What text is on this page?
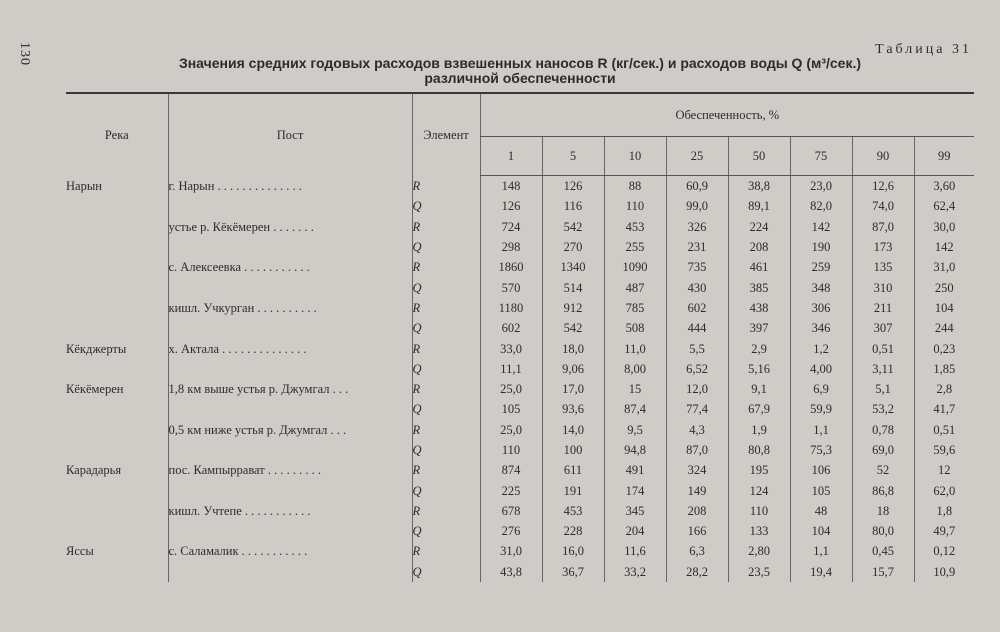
130	Таблица 31
Значения средних годовых расходов взвешенных наносов R (кг/сек.) и расходов воды Q (м³/сек.)
различной обеспеченности
Река	Пост	Элемент	Обеспеченность, %							
			1	5	10	25	50	75	90	99
Нарын	г. Нарын . . . . . . . . . . . . . .	R	148	126	88	60,9	38,8	23,0	12,6	3,60
		Q	126	116	110	99,0	89,1	82,0	74,0	62,4
	устье р. Кёкёмерен . . . . . . .	R	724	542	453	326	224	142	87,0	30,0
		Q	298	270	255	231	208	190	173	142
	с. Алексеевка . . . . . . . . . . .	R	1860	1340	1090	735	461	259	135	31,0
		Q	570	514	487	430	385	348	310	250
	кишл. Учкурган . . . . . . . . . .	R	1180	912	785	602	438	306	211	104
		Q	602	542	508	444	397	346	307	244
Кёкджерты	х. Актала . . . . . . . . . . . . . .	R	33,0	18,0	11,0	5,5	2,9	1,2	0,51	0,23
		Q	11,1	9,06	8,00	6,52	5,16	4,00	3,11	1,85
Кёкёмерен	1,8 км выше устья р. Джумгал . . .	R	25,0	17,0	15	12,0	9,1	6,9	5,1	2,8
		Q	105	93,6	87,4	77,4	67,9	59,9	53,2	41,7
	0,5 км ниже устья р. Джумгал . . .	R	25,0	14,0	9,5	4,3	1,9	1,1	0,78	0,51
		Q	110	100	94,8	87,0	80,8	75,3	69,0	59,6
Карадарья	пос. Кампыррават . . . . . . . . .	R	874	611	491	324	195	106	52	12
		Q	225	191	174	149	124	105	86,8	62,0
	кишл. Учтепе . . . . . . . . . . .	R	678	453	345	208	110	48	18	1,8
		Q	276	228	204	166	133	104	80,0	49,7
Яссы	с. Саламалик . . . . . . . . . . .	R	31,0	16,0	11,6	6,3	2,80	1,1	0,45	0,12
		Q	43,8	36,7	33,2	28,2	23,5	19,4	15,7	10,9
